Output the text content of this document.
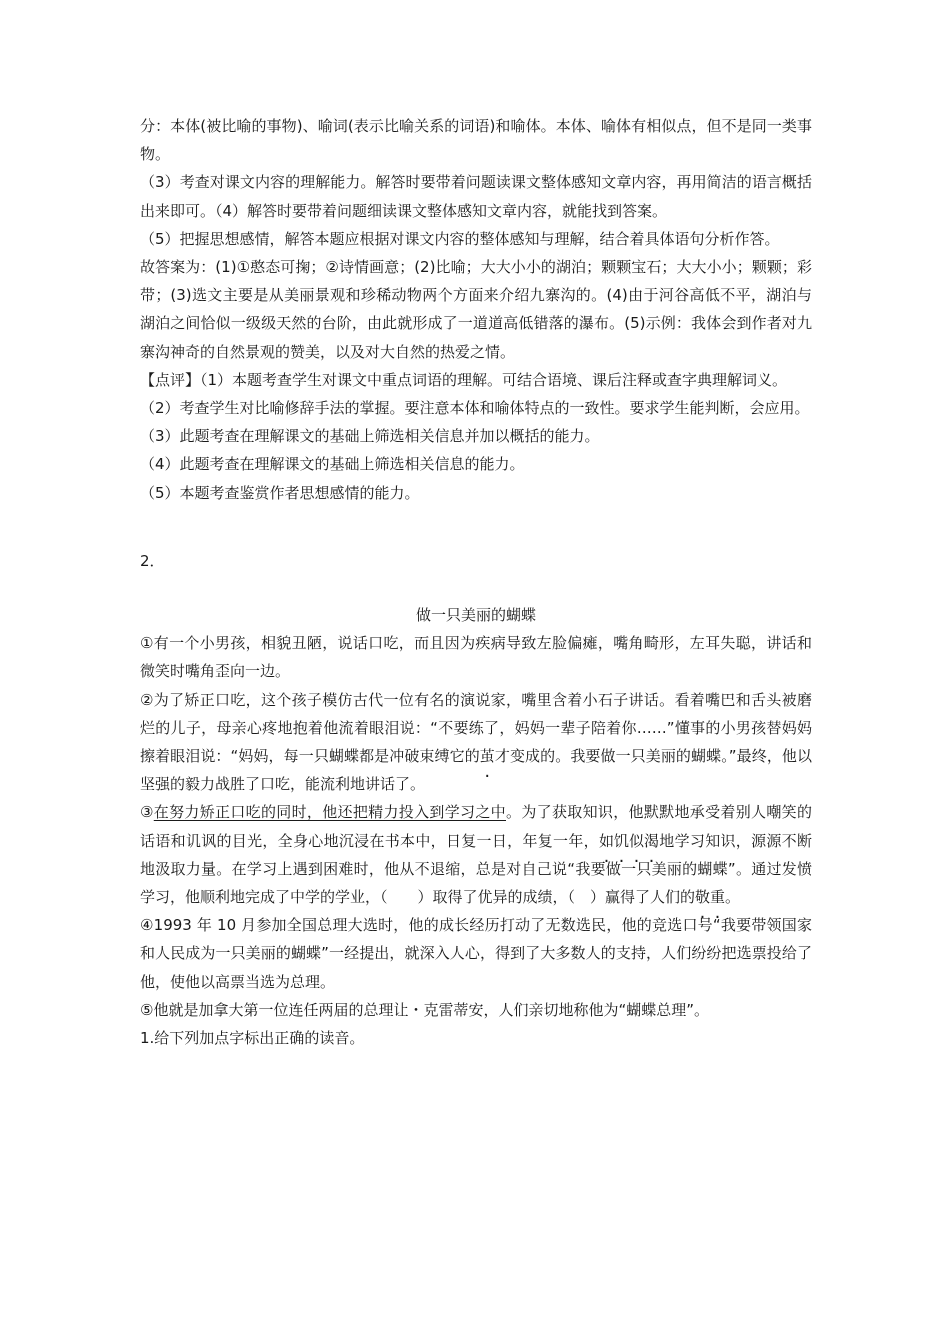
分：本体(被比喻的事物)、喻词(表示比喻关系的词语)和喻体。本体、喻体有相似点，但不是同一类事物。

（3）考查对课文内容的理解能力。解答时要带着问题读课文整体感知文章内容，再用简洁的语言概括出来即可。（4）解答时要带着问题细读课文整体感知文章内容，就能找到答案。

（5）把握思想感情，解答本题应根据对课文内容的整体感知与理解，结合着具体语句分析作答。

故答案为：(1)①憨态可掬；②诗情画意；(2)比喻；大大小小的湖泊；颗颗宝石；大大小小；颗颗；彩带；(3)选文主要是从美丽景观和珍稀动物两个方面来介绍九寨沟的。(4)由于河谷高低不平，湖泊与湖泊之间恰似一级级天然的台阶，由此就形成了一道道高低错落的瀑布。(5)示例：我体会到作者对九寨沟神奇的自然景观的赞美，以及对大自然的热爱之情。

【点评】（1）本题考查学生对课文中重点词语的理解。可结合语境、课后注释或查字典理解词义。

（2）考查学生对比喻修辞手法的掌握。要注意本体和喻体特点的一致性。要求学生能判断，会应用。

（3）此题考查在理解课文的基础上筛选相关信息并加以概括的能力。

（4）此题考查在理解课文的基础上筛选相关信息的能力。

（5）本题考查鉴赏作者思想感情的能力。

2．

做一只美丽的蝴蝶

①有一个小男孩，相貌丑陋，说话口吃，而且因为疾病导致左脸偏瘫，嘴角畸形，左耳失聪，讲话和微笑时嘴角歪向一边。

②为了矫正口吃，这个孩子模仿古代一位有名的演说家，嘴里含着小石子讲话。看着嘴巴和舌头被磨烂的儿子，母亲心疼地抱着他流着眼泪说：“不要练了，妈妈一辈子陪着你……”懂事的小男孩替妈妈擦着眼泪说：“妈妈，每一只蝴蝶都是冲破束缚它的茧才变成的。我要做一只美丽的蝴蝶。”最终，他以坚强的毅力战胜了口吃，能流利地讲话了。

③在努力矫正口吃的同时，他还把精力投入到学习之中。为了获取知识，他默默地承受着别人嘲笑的话语和讥讽的目光，全身心地沉浸在书本中，日复一日，年复一年，如饥似渴地学习知识，源源不断地汲取力量。在学习上遇到困难时，他从不退缩，总是对自己说“我要做一只美丽的蝴蝶”。通过发愤学习，他顺利地完成了中学的学业，（　　）取得了优异的成绩，（　）赢得了人们的敬重。

④1993 年 10 月参加全国总理大选时，他的成长经历打动了无数选民，他的竞选口号“我要带领国家和人民成为一只美丽的蝴蝶”一经提出，就深入人心，得到了大多数人的支持，人们纷纷把选票投给了他，使他以高票当选为总理。

⑤他就是加拿大第一位连任两届的总理让・克雷蒂安，人们亲切地称他为“蝴蝶总理”。

1.给下列加点字标出正确的读音。
